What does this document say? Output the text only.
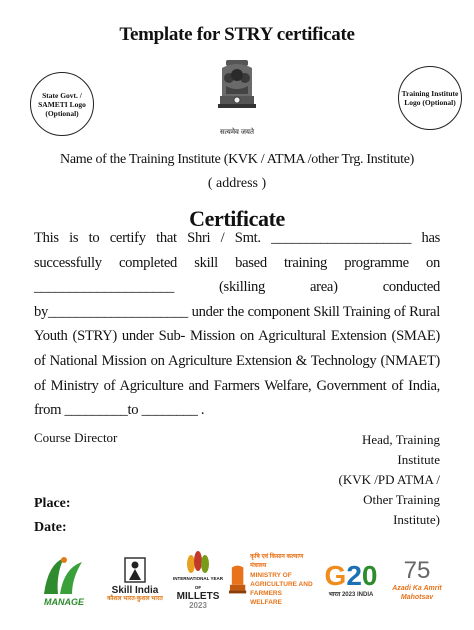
Template for STRY certificate
State Govt. / SAMETI Logo (Optional)
Training Institute Logo (Optional)
सत्यमेव जयते
Name of the Training Institute (KVK / ATMA /other Trg. Institute)
( address )
Certificate
This is to certify that Shri / Smt. ____________________ has successfully completed skill based training programme on ____________________ (skilling area) conducted by____________________ under the component Skill Training of Rural Youth (STRY) under Sub- Mission on Agricultural Extension (SMAE) of National Mission on Agriculture Extension & Technology (NMAET) of Ministry of Agriculture and Farmers Welfare, Government of India, from _________to ________ .
Course Director	Head, Training Institute
(KVK /PD ATMA /
Other Training Institute)
Place:
Date:
MANAGE
Skill India
कौशल भारत-कुशल भारत
INTERNATIONAL YEAR OF
MILLETS
2023
कृषि एवं किसान कल्याण मंत्रालय
MINISTRY OF AGRICULTURE AND FARMERS WELFARE
G20
भारत 2023 INDIA
75
Azadi Ka Amrit Mahotsav
